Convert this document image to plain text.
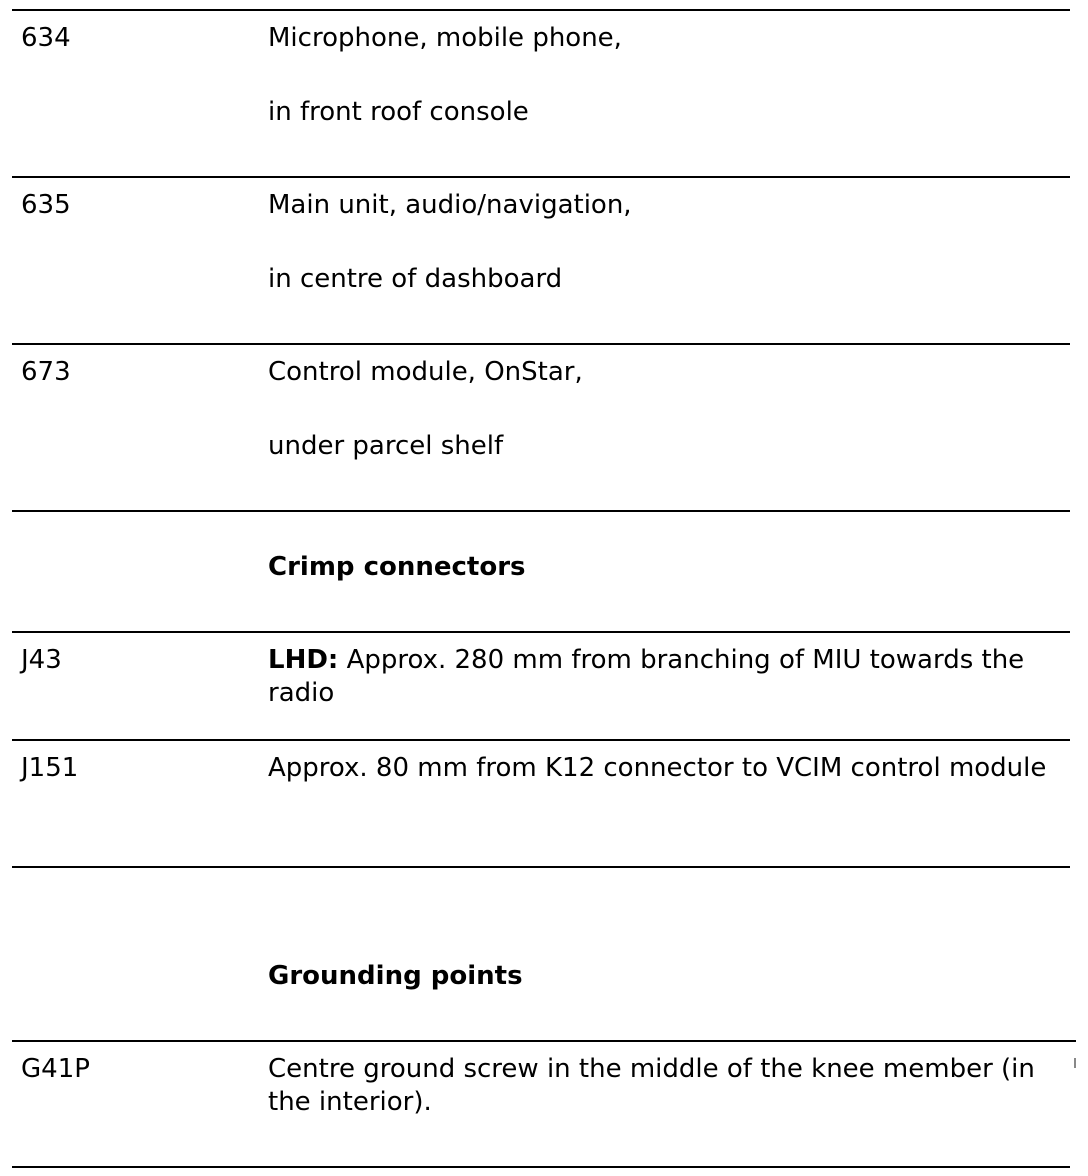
634	Microphone, mobile phone,
in front roof console
635	Main unit, audio/navigation,
in centre of dashboard
673	Control module, OnStar,
under parcel shelf
Crimp connectors
J43	LHD: Approx. 280 mm from branching of MIU towards the radio
J151	Approx. 80 mm from K12 connector to VCIM control module
Grounding points
G41P	Centre ground screw in the middle of the knee member (in the interior).
